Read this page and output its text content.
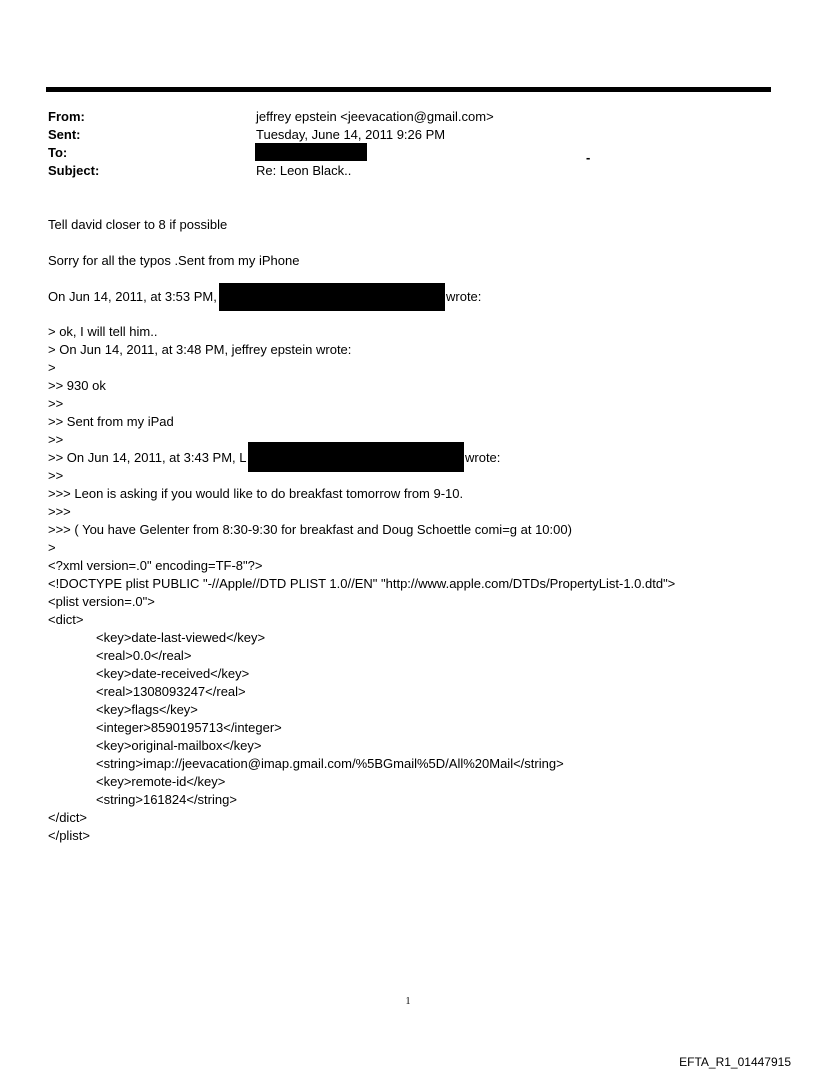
From:	jeffrey epstein <jeevacation@gmail.com>
Sent:	Tuesday, June 14, 2011 9:26 PM
To:	-
Subject:	Re: Leon Black..
Tell david closer to 8 if possible
Sorry for all the typos .Sent from my iPhone
On Jun 14, 2011, at 3:53 PM,	wrote:
> ok, I will tell him..
> On Jun 14, 2011, at 3:48 PM, jeffrey epstein wrote:
>
>> 930 ok
>>
>> Sent from my iPad
>>
>> On Jun 14, 2011, at 3:43 PM, L	wrote:
>>
>>> Leon is asking if you would like to do breakfast tomorrow from 9-10.
>>>
>>> ( You have Gelenter from 8:30-9:30 for breakfast and Doug Schoettle comi=g at 10:00)
>
<?xml version=.0" encoding=TF-8"?>
<!DOCTYPE plist PUBLIC "-//Apple//DTD PLIST 1.0//EN" "http://www.apple.com/DTDs/PropertyList-1.0.dtd">
<plist version=.0">
<dict>
<key>date-last-viewed</key>
<real>0.0</real>
<key>date-received</key>
<real>1308093247</real>
<key>flags</key>
<integer>8590195713</integer>
<key>original-mailbox</key>
<string>imap://jeevacation@imap.gmail.com/%5BGmail%5D/All%20Mail</string>
<key>remote-id</key>
<string>161824</string>
</dict>
</plist>
1
EFTA_R1_01447915
